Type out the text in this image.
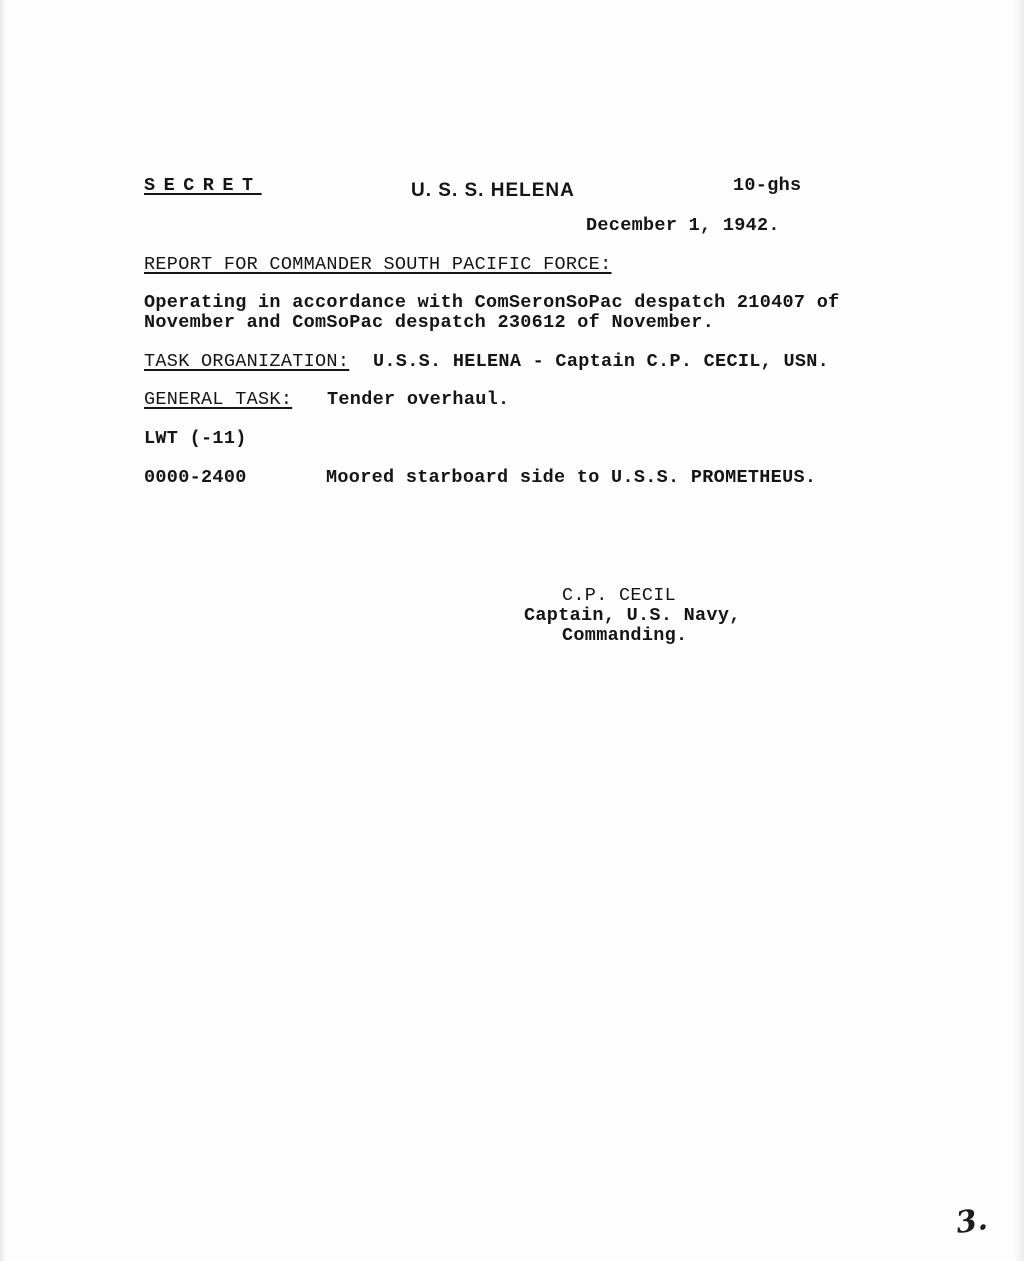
SECRET	U. S. S. HELENA	10-ghs
December 1, 1942.
REPORT FOR COMMANDER SOUTH PACIFIC FORCE:
Operating in accordance with ComSeronSoPac despatch 210407 of
November and ComSoPac despatch 230612 of November.
TASK ORGANIZATION: U.S.S. HELENA - Captain C.P. CECIL, USN.
GENERAL TASK: Tender overhaul.
LWT (-11)
0000-2400	Moored starboard side to U.S.S. PROMETHEUS.
C.P. CECIL
Captain, U.S. Navy,
Commanding.
3.
